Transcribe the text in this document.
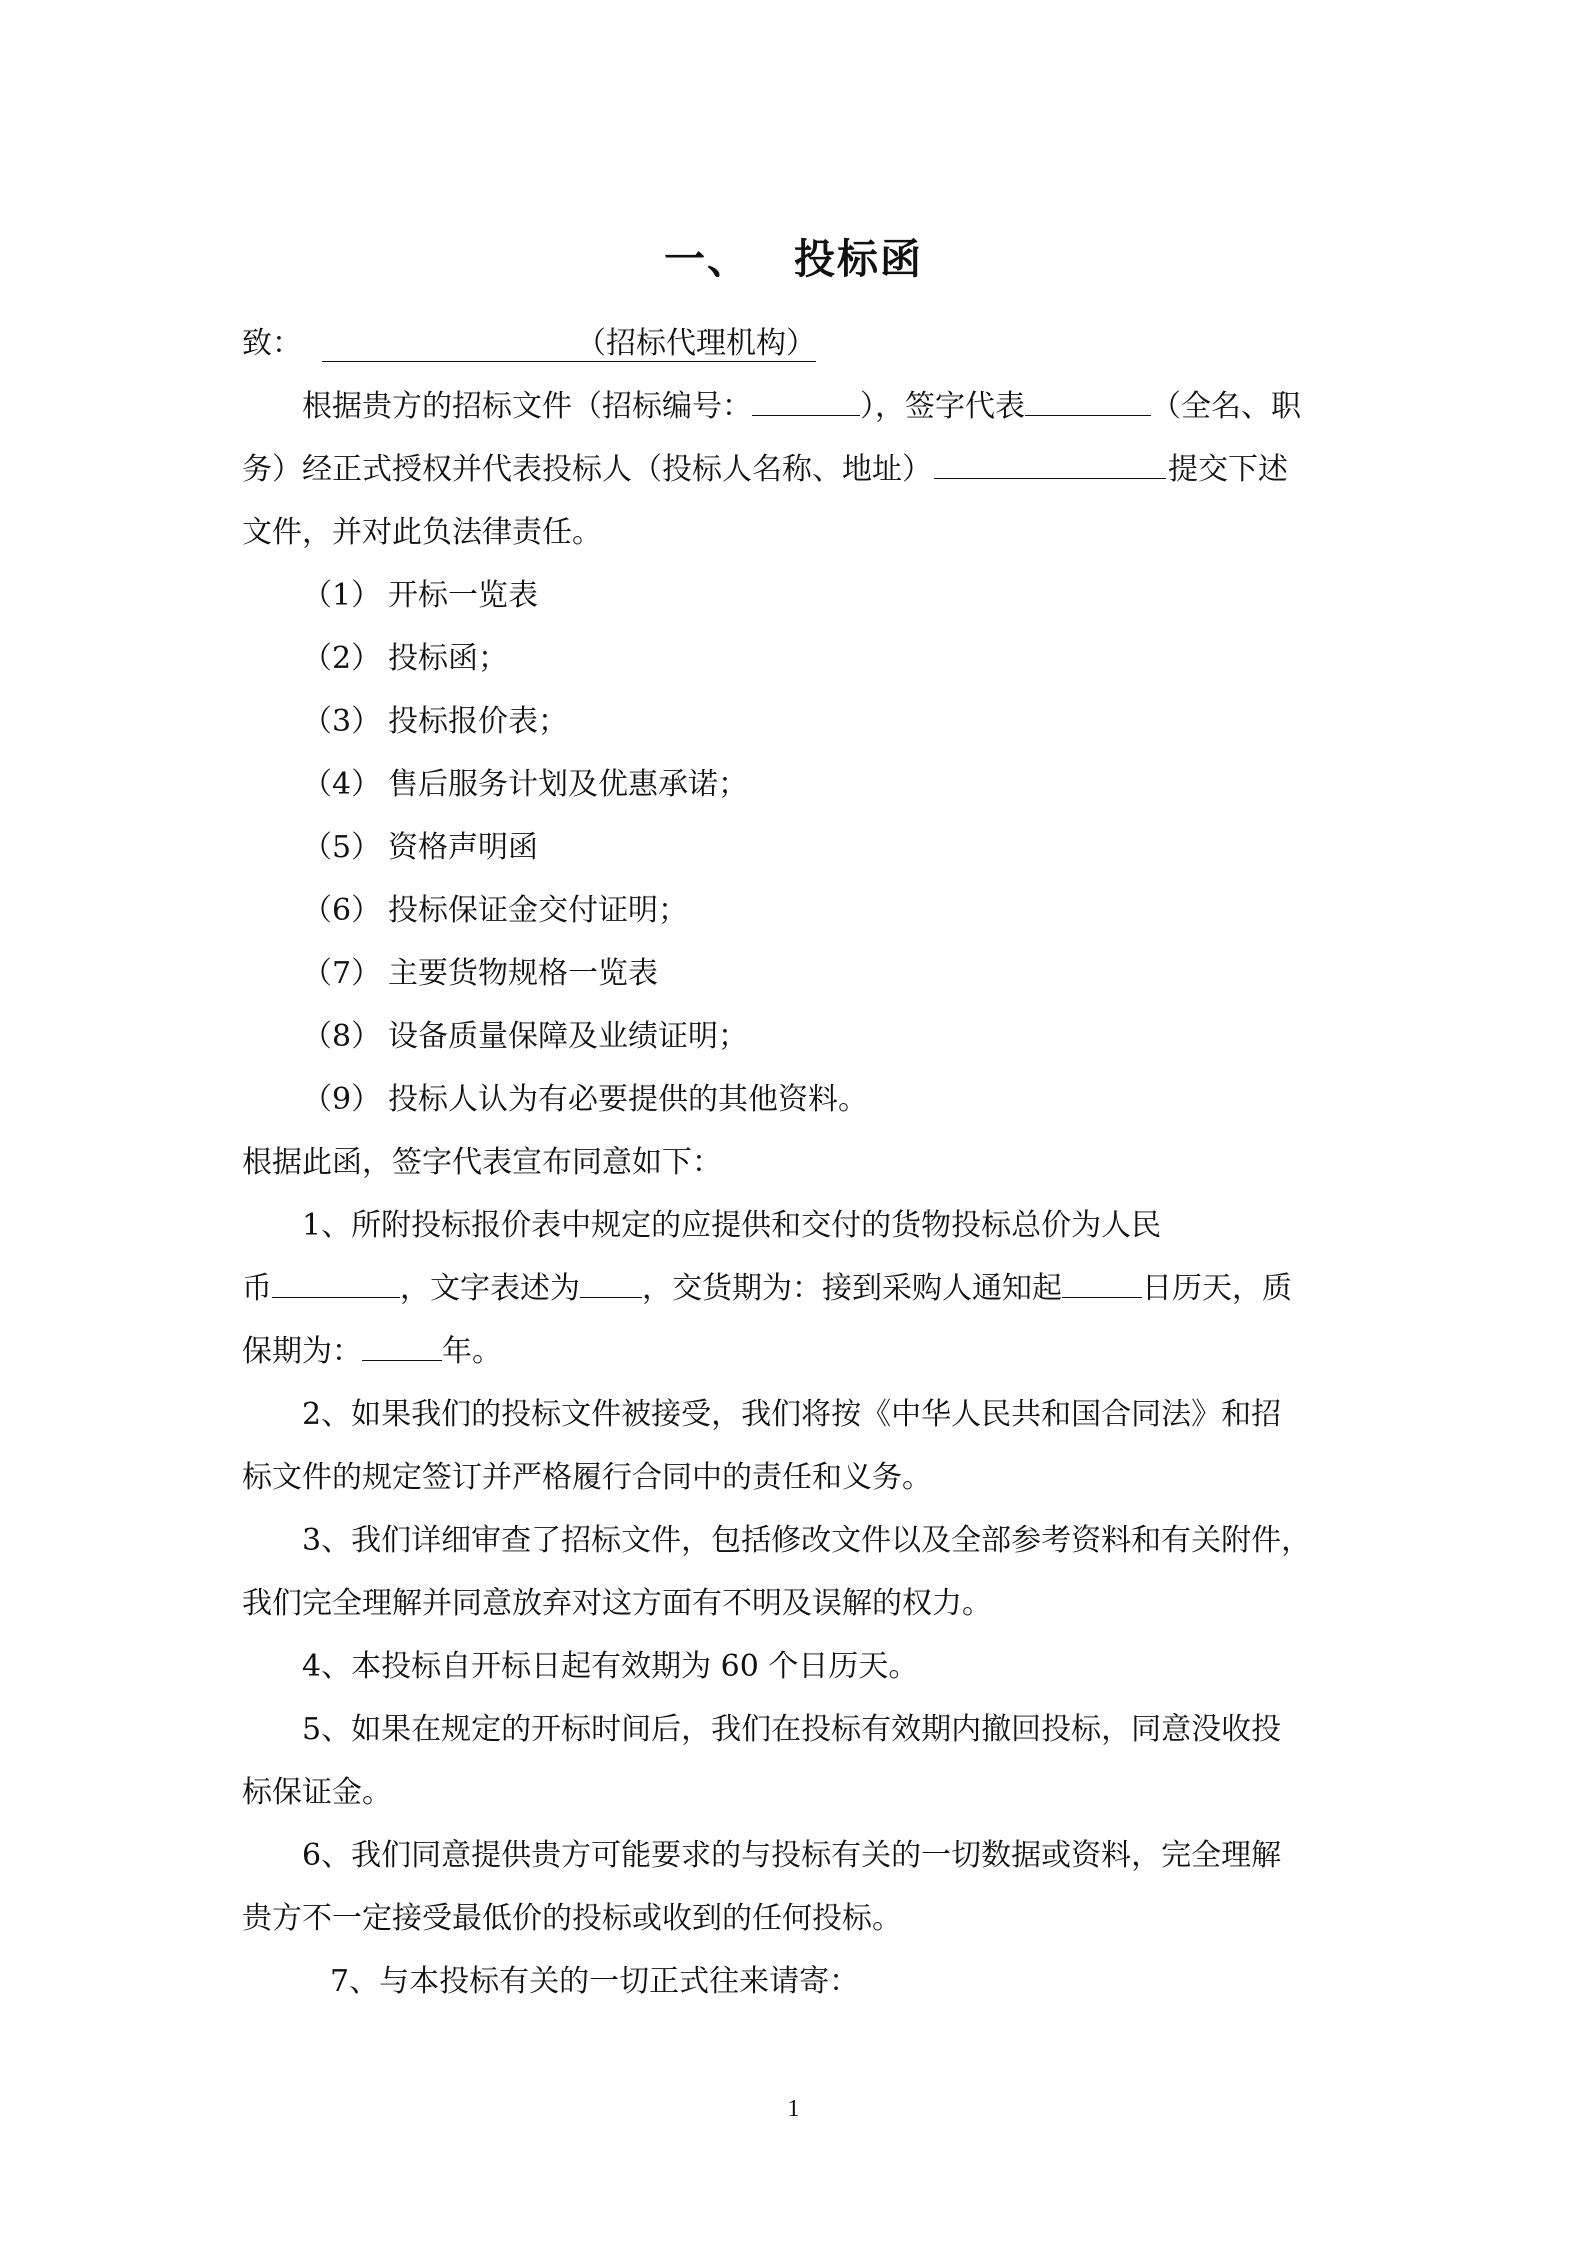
一、 投标函
致：	（招标代理机构）
根据贵方的招标文件（招标编号：	），签字代表	（全名、职
务）经正式授权并代表投标人（投标人名称、地址）	提交下述
文件，并对此负法律责任。
（1） 开标一览表
（2） 投标函；
（3） 投标报价表；
（4） 售后服务计划及优惠承诺；
（5） 资格声明函
（6） 投标保证金交付证明；
（7） 主要货物规格一览表
（8） 设备质量保障及业绩证明；
（9） 投标人认为有必要提供的其他资料。
根据此函，签字代表宣布同意如下：
1、所附投标报价表中规定的应提供和交付的货物投标总价为人民
币	，文字表述为 ，交货期为：接到采购人通知起	日历天，质
保期为：	年。
2、如果我们的投标文件被接受，我们将按《中华人民共和国合同法》和招
标文件的规定签订并严格履行合同中的责任和义务。
3、我们详细审查了招标文件，包括修改文件以及全部参考资料和有关附件，
我们完全理解并同意放弃对这方面有不明及误解的权力。
4、本投标自开标日起有效期为 60 个日历天。
5、如果在规定的开标时间后，我们在投标有效期内撤回投标，同意没收投
标保证金。
6、我们同意提供贵方可能要求的与投标有关的一切数据或资料，完全理解
贵方不一定接受最低价的投标或收到的任何投标。
7、与本投标有关的一切正式往来请寄：
1
